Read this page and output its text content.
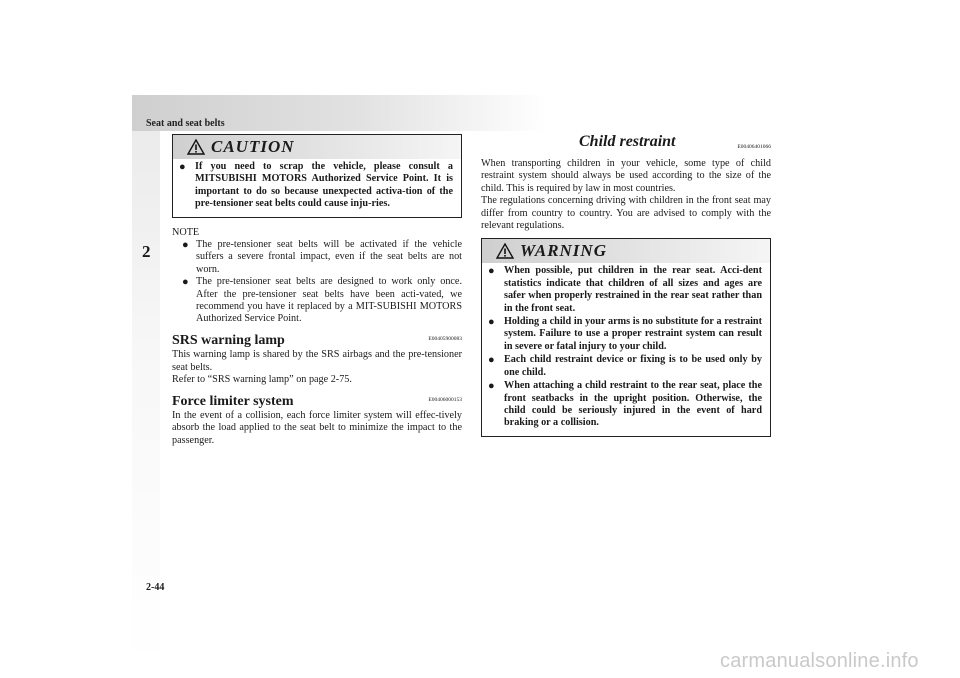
Seat and seat belts
2
2-44
carmanualsonline.info
CAUTION
● If you need to scrap the vehicle, please consult a MITSUBISHI MOTORS Authorized Service Point. It is important to do so because unexpected activa-tion of the pre-tensioner seat belts could cause inju-ries.
NOTE
● The pre-tensioner seat belts will be activated if the vehicle suffers a severe frontal impact, even if the seat belts are not worn.
● The pre-tensioner seat belts are designed to work only once. After the pre-tensioner seat belts have been acti-vated, we recommend you have it replaced by a MIT-SUBISHI MOTORS Authorized Service Point.
SRS warning lamp	E00405900083

This warning lamp is shared by the SRS airbags and the pre-tensioner seat belts.

Refer to “SRS warning lamp” on page 2-75.

Force limiter system	E00406000153

In the event of a collision, each force limiter system will effec-tively absorb the load applied to the seat belt to minimize the impact to the passenger.

Child restraint	E00406401066

When transporting children in your vehicle, some type of child restraint system should always be used according to the size of the child. This is required by law in most countries.

The regulations concerning driving with children in the front seat may differ from country to country. You are advised to comply with the relevant regulations.

WARNING
● When possible, put children in the rear seat. Acci-dent statistics indicate that children of all sizes and ages are safer when properly restrained in the rear seat rather than in the front seat.
● Holding a child in your arms is no substitute for a restraint system. Failure to use a proper restraint system can result in severe or fatal injury to your child.
● Each child restraint device or fixing is to be used only by one child.
● When attaching a child restraint to the rear seat, place the front seatbacks in the upright position. Otherwise, the child could be seriously injured in the event of hard braking or a collision.
